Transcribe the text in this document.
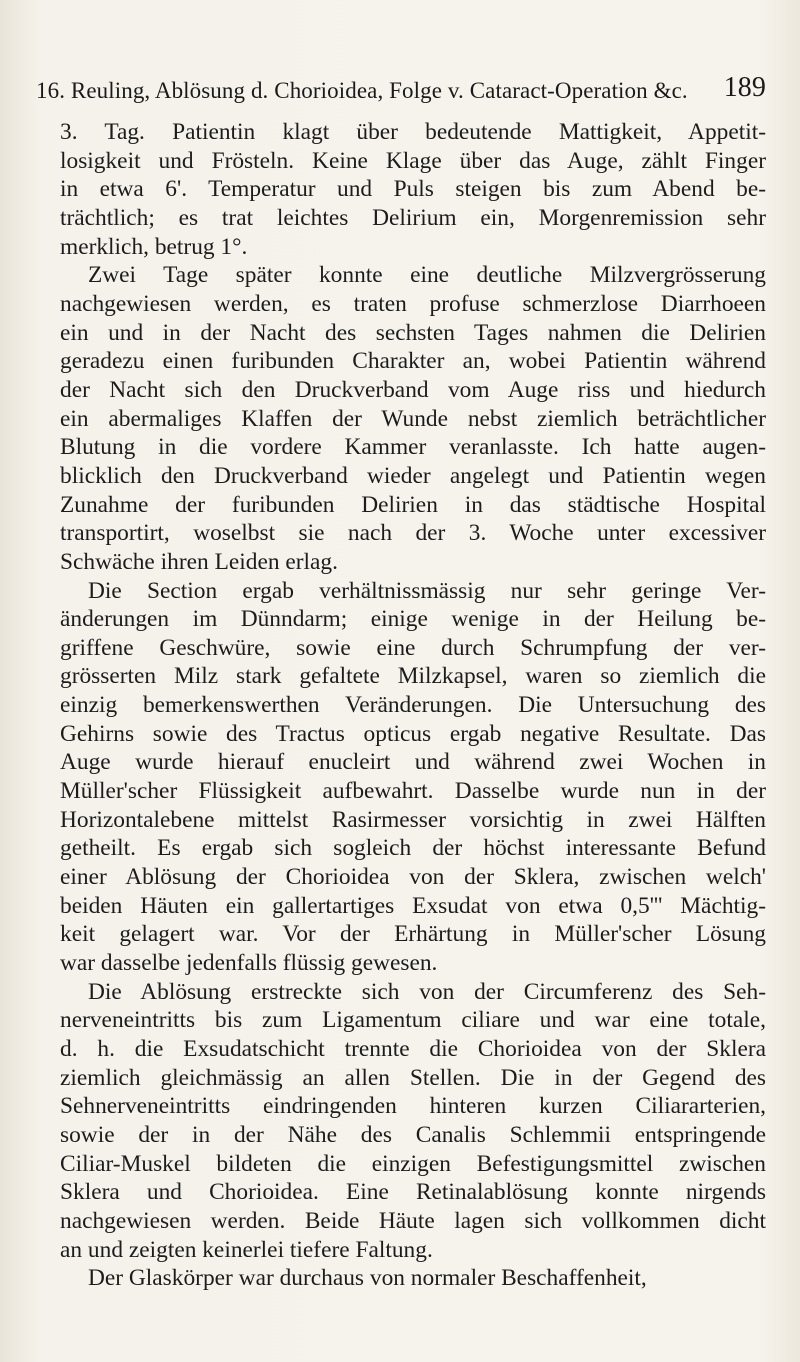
16. Reuling, Ablösung d. Chorioidea, Folge v. Cataract-Operation &c. 189

3. Tag. Patientin klagt über bedeutende Mattigkeit, Appetit-
losigkeit und Frösteln. Keine Klage über das Auge, zählt Finger
in etwa 6'. Temperatur und Puls steigen bis zum Abend be-
trächtlich; es trat leichtes Delirium ein, Morgenremission sehr
merklich, betrug 1°.

Zwei Tage später konnte eine deutliche Milzvergrösserung
nachgewiesen werden, es traten profuse schmerzlose Diarrhoeen
ein und in der Nacht des sechsten Tages nahmen die Delirien
geradezu einen furibunden Charakter an, wobei Patientin während
der Nacht sich den Druckverband vom Auge riss und hiedurch
ein abermaliges Klaffen der Wunde nebst ziemlich beträchtlicher
Blutung in die vordere Kammer veranlasste. Ich hatte augen-
blicklich den Druckverband wieder angelegt und Patientin wegen
Zunahme der furibunden Delirien in das städtische Hospital
transportirt, woselbst sie nach der 3. Woche unter excessiver
Schwäche ihren Leiden erlag.

Die Section ergab verhältnissmässig nur sehr geringe Ver-
änderungen im Dünndarm; einige wenige in der Heilung be-
griffene Geschwüre, sowie eine durch Schrumpfung der ver-
grösserten Milz stark gefaltete Milzkapsel, waren so ziemlich die
einzig bemerkenswerthen Veränderungen. Die Untersuchung des
Gehirns sowie des Tractus opticus ergab negative Resultate. Das
Auge wurde hierauf enucleirt und während zwei Wochen in
Müller'scher Flüssigkeit aufbewahrt. Dasselbe wurde nun in der
Horizontalebene mittelst Rasirmesser vorsichtig in zwei Hälften
getheilt. Es ergab sich sogleich der höchst interessante Befund
einer Ablösung der Chorioidea von der Sklera, zwischen welch'
beiden Häuten ein gallertartiges Exsudat von etwa 0,5''' Mächtig-
keit gelagert war. Vor der Erhärtung in Müller'scher Lösung
war dasselbe jedenfalls flüssig gewesen.

Die Ablösung erstreckte sich von der Circumferenz des Seh-
nerveneintritts bis zum Ligamentum ciliare und war eine totale,
d. h. die Exsudatschicht trennte die Chorioidea von der Sklera
ziemlich gleichmässig an allen Stellen. Die in der Gegend des
Sehnerveneintritts eindringenden hinteren kurzen Ciliararterien,
sowie der in der Nähe des Canalis Schlemmii entspringende
Ciliar-Muskel bildeten die einzigen Befestigungsmittel zwischen
Sklera und Chorioidea. Eine Retinalablösung konnte nirgends
nachgewiesen werden. Beide Häute lagen sich vollkommen dicht
an und zeigten keinerlei tiefere Faltung.

Der Glaskörper war durchaus von normaler Beschaffenheit,
